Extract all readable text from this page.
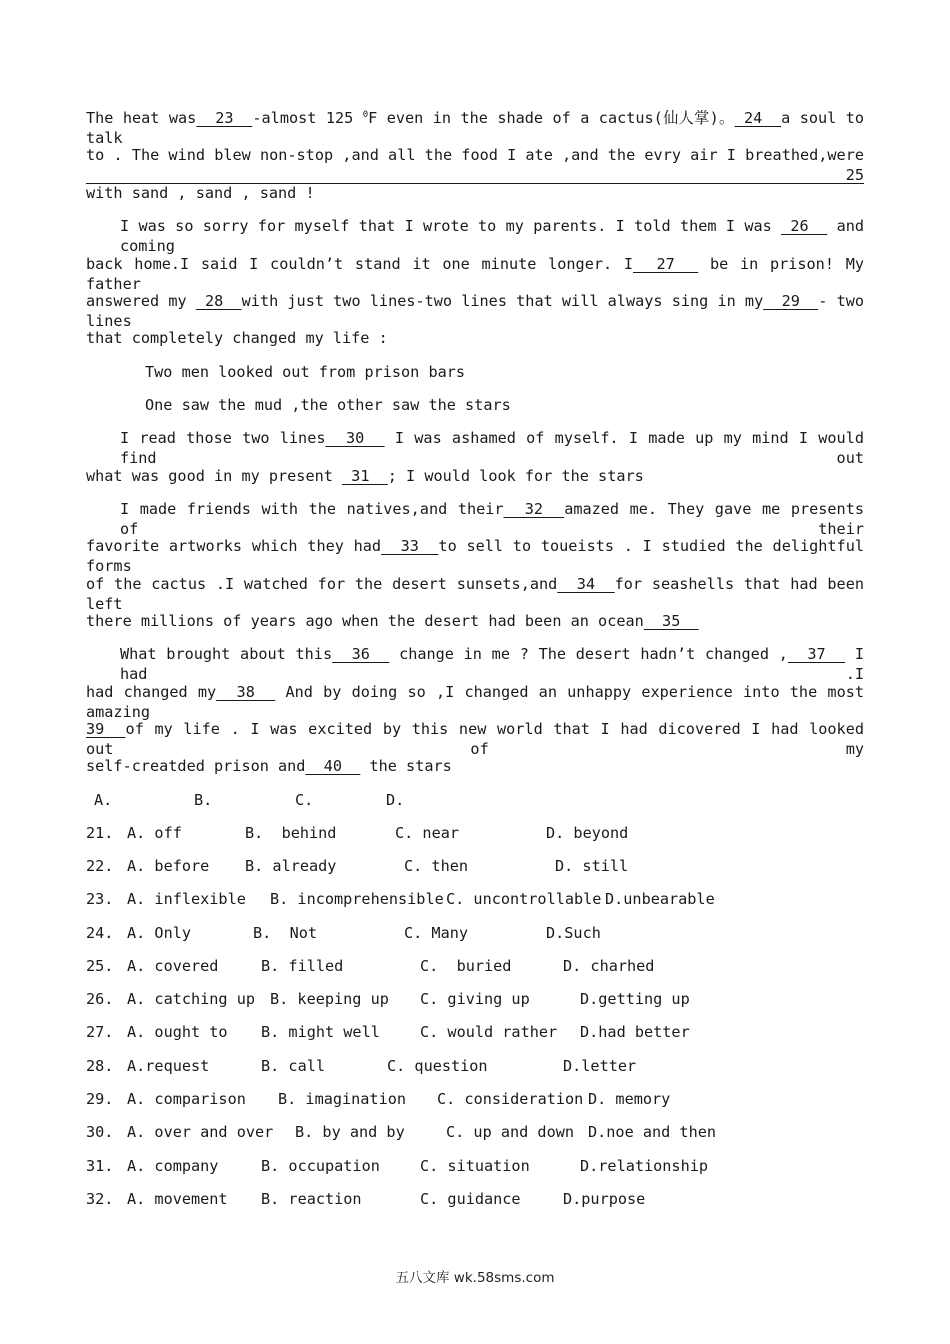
The heat was  23  -almost 125 $^0$F even in the shade of a cactus(仙人掌)。 24  a soul to talk
to . The wind blew non-stop ,and all the food I ate ,and the evry air I breathed,were  25
with sand , sand , sand !
I was so sorry for myself that I wrote to my parents. I told them I was  26   and coming
back home.I said I couldn’t stand it one minute longer. I  27   be in prison! My father
answered my  28  with just two lines-two lines that will always sing in my  29  - two lines
that completely changed my life :
Two men looked out from prison bars
One saw the mud ,the other saw the stars
I read those two lines  30   I was ashamed of myself. I made up my mind I would find out
what was good in my present  31  ; I would look for the stars
I made friends with the natives,and their  32  amazed me. They gave me presents of their
favorite artworks which they had  33  to sell to toueists . I studied the delightful forms
of the cactus .I watched for the desert sunsets,and  34  for seashells that had been left
there millions of years ago when the desert had been an ocean  35
What brought about this  36   change in me ? The desert hadn’t changed ,  37   I had .I
had changed my  38   And by doing so ,I changed an unhappy experience into the most amazing
39  of my life . I was excited by this new world that I had dicovered I had looked out of my
self-creatded prison and  40   the stars
A.	B.	C.	D.
21. A. off	B.  behind	C. near	D. beyond
22. A. before B. already	C. then	D. still
23. A. inflexible B. incomprehensible C. uncontrollable D.unbearable
24. A. Only	B.  Not	C. Many	D.Such
25. A. covered	B. filled	C.  buried	D. charhed
26. A. catching up B. keeping up C. giving up	D.getting up
27. A. ought to B. might well	C. would rather D.had better
28. A.request	B. call	C. question	D.letter
29. A. comparison B. imagination C. consideration D. memory
30. A. over and over B. by and by	C. up and down D.noe and then
31. A. company	B. occupation	C. situation	D.relationship
32. A. movement B. reaction	C. guidance	D.purpose
五八文库 wk.58sms.com
